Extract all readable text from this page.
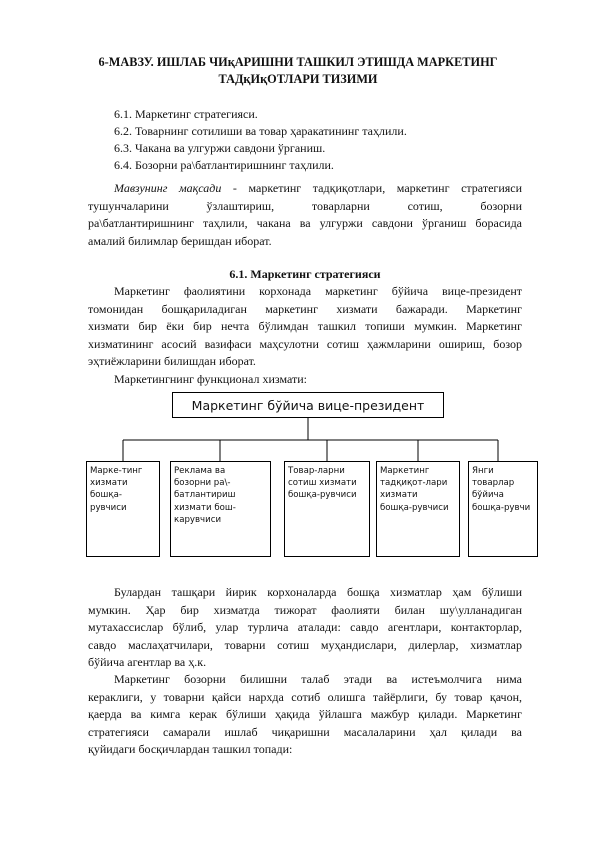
6-МАВЗУ. ИШЛАБ ЧИқАРИШНИ ТАШКИЛ ЭТИШДА МАРКЕТИНГ
ТАДқИқОТЛАРИ ТИЗИМИ
6.1. Маркетинг стратегияси.
6.2. Товарнинг сотилиши ва товар ҳаракатининг таҳлили.
6.3. Чакана ва улгуржи савдони ўрганиш.
6.4. Бозорни ра\батлантиришнинг таҳлили.
Мавзунинг мақсади - маркетинг тадқиқотлари, маркетинг стратегияси
тушунчаларини ўзлаштириш, товарларни сотиш, бозорни
ра\батлантиришнинг таҳлили, чакана ва улгуржи савдони ўрганиш борасида
амалий билимлар беришдан иборат.
6.1. Маркетинг стратегияси
Маркетинг фаолиятини корхонада маркетинг бўйича вице-президент
томонидан бошқариладиган маркетинг хизмати бажаради. Маркетинг
хизмати бир ёки бир нечта бўлимдан ташкил топиши мумкин. Маркетинг
хизматининг асосий вазифаси маҳсулотни сотиш ҳажмларини ошириш, бозор
эҳтиёжларини билишдан иборат.
Маркетингнинг функционал хизмати:
Маркетинг бўйича вице-президент
Марке-тинг
хизмати
бошқа-
рувчиси
Реклама ва
бозорни ра\-
батлантириш
хизмати бош-
карувчиси
Товар-ларни
сотиш хизмати
бошқа-рувчиси
Маркетинг
тадқиқот-лари
хизмати
бошқа-рувчиси
Янги
товарлар
бўйича
бошқа-рувчи
Булардан ташқари йирик корхоналарда бошқа хизматлар ҳам бўлиши
мумкин. Ҳар бир хизматда тижорат фаолияти билан шу\улланадиган
мутахассислар бўлиб, улар турлича аталади: савдо агентлари, контакторлар,
савдо маслаҳатчилари, товарни сотиш муҳандислари, дилерлар, хизматлар
бўйича агентлар ва ҳ.к.
Маркетинг бозорни билишни талаб этади ва истеъмолчига нима
кераклиги, у товарни қайси нархда сотиб олишга тайёрлиги, бу товар қачон,
қаерда ва кимга керак бўлиши ҳақида ўйлашга мажбур қилади. Маркетинг
стратегияси самарали ишлаб чиқаришни масалаларини ҳал қилади ва
қуйидаги босқичлардан ташкил топади:
